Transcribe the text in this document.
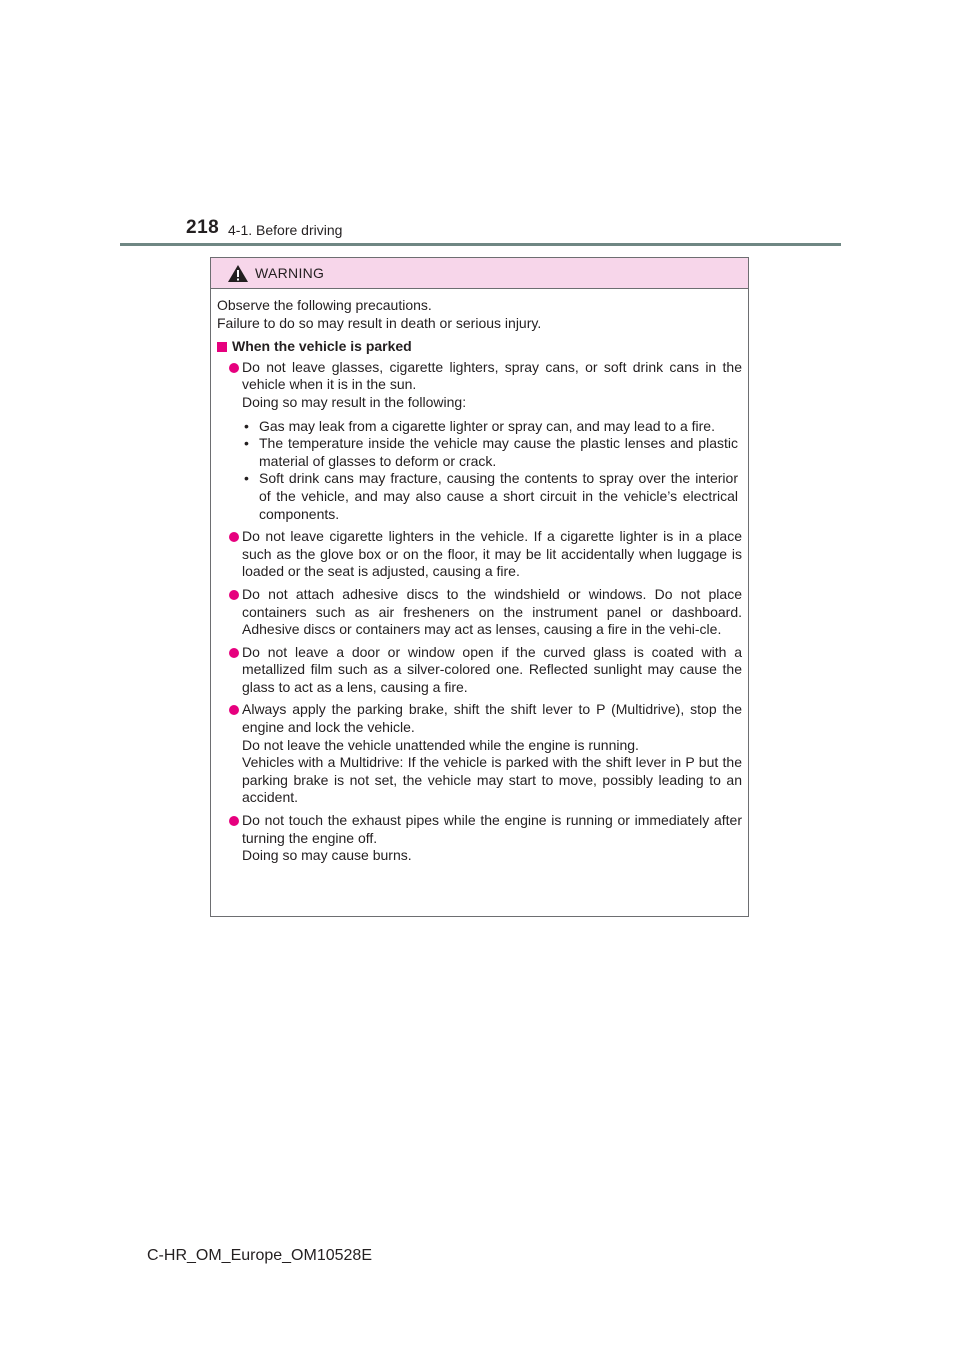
218 4-1. Before driving
WARNING

Observe the following precautions.
Failure to do so may result in death or serious injury.

When the vehicle is parked
Do not leave glasses, cigarette lighters, spray cans, or soft drink cans in the vehicle when it is in the sun.
Doing so may result in the following:
• Gas may leak from a cigarette lighter or spray can, and may lead to a fire.
• The temperature inside the vehicle may cause the plastic lenses and plastic material of glasses to deform or crack.
• Soft drink cans may fracture, causing the contents to spray over the interior of the vehicle, and may also cause a short circuit in the vehicle’s electrical components.
Do not leave cigarette lighters in the vehicle. If a cigarette lighter is in a place such as the glove box or on the floor, it may be lit accidentally when luggage is loaded or the seat is adjusted, causing a fire.
Do not attach adhesive discs to the windshield or windows. Do not place containers such as air fresheners on the instrument panel or dashboard. Adhesive discs or containers may act as lenses, causing a fire in the vehi-cle.
Do not leave a door or window open if the curved glass is coated with a metallized film such as a silver-colored one. Reflected sunlight may cause the glass to act as a lens, causing a fire.
Always apply the parking brake, shift the shift lever to P (Multidrive), stop the engine and lock the vehicle.
Do not leave the vehicle unattended while the engine is running.
Vehicles with a Multidrive: If the vehicle is parked with the shift lever in P but the parking brake is not set, the vehicle may start to move, possibly leading to an accident.
Do not touch the exhaust pipes while the engine is running or immediately after turning the engine off.
Doing so may cause burns.
C-HR_OM_Europe_OM10528E
